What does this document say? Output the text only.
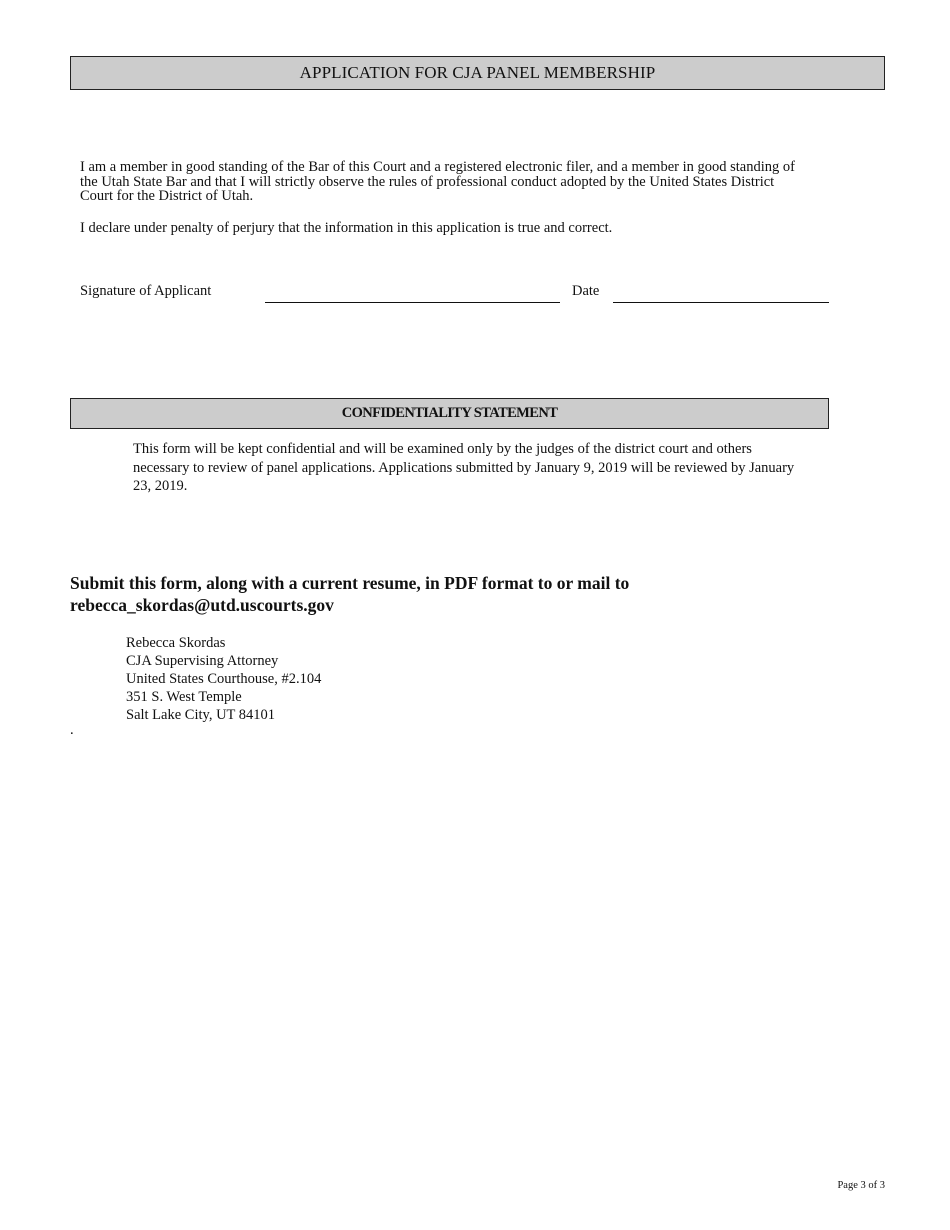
APPLICATION FOR CJA PANEL MEMBERSHIP
I am a member in good standing of the Bar of this Court and a registered electronic filer, and a member in good standing of the Utah State Bar and that I will strictly observe the rules of professional conduct adopted by the United States District Court for the District of Utah.
I declare under penalty of perjury that the information in this application is true and correct.
Signature of Applicant	Date
CONFIDENTIALITY STATEMENT
This form will be kept confidential and will be examined only by the judges of the district court and others necessary to review of panel applications. Applications submitted by January 9, 2019 will be reviewed by January 23, 2019.
Submit this form, along with a current resume, in PDF format to or mail to rebecca_skordas@utd.uscourts.gov
Rebecca Skordas
CJA Supervising Attorney
United States Courthouse, #2.104
351 S. West Temple
Salt Lake City, UT 84101
.
Page 3 of 3
